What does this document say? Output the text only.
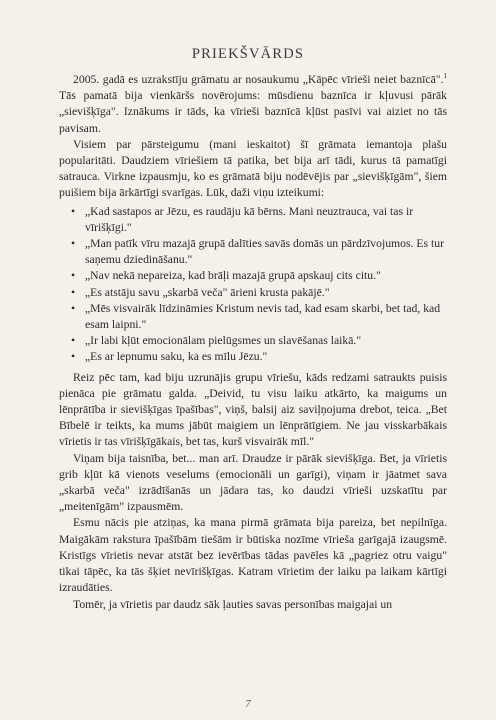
PRIEKŠVĀRDS

2005. gadā es uzrakstīju grāmatu ar nosaukumu „Kāpēc vīrieši neiet baznīcā".$^1$ Tās pamatā bija vienkāršs novērojums: mūsdienu baznīca ir kļuvusi pārāk „sievišķīga". Iznākums ir tāds, ka vīrieši baznīcā kļūst pasīvi vai aiziet no tās pavisam.

Visiem par pārsteigumu (mani ieskaitot) šī grāmata iemantoja plašu popularitāti. Daudziem vīriešiem tā patika, bet bija arī tādi, kurus tā pamatīgi satrauca. Virkne izpausmju, ko es grāmatā biju nodēvējis par „sievišķīgām", šiem puišiem bija ārkārtīgi svarīgas. Lūk, daži viņu izteikumi:

• „Kad sastapos ar Jēzu, es raudāju kā bērns. Mani neuztrauca, vai tas ir vīrišķīgi."
• „Man patīk vīru mazajā grupā dalīties savās domās un pārdzīvojumos. Es tur saņemu dziedināšanu."
• „Nav nekā nepareiza, kad brāļi mazajā grupā apskauj cits citu."
• „Es atstāju savu „skarbā veča" ārieni krusta pakājē."
• „Mēs visvairāk līdzināmies Kristum nevis tad, kad esam skarbi, bet tad, kad esam laipni."
• „Ir labi kļūt emocionālam pielūgsmes un slavēšanas laikā."
• „Es ar lepnumu saku, ka es mīlu Jēzu."

Reiz pēc tam, kad biju uzrunājis grupu vīriešu, kāds redzami satraukts puisis pienāca pie grāmatu galda. „Deivid, tu visu laiku atkārto, ka maigums un lēnprātība ir sievišķīgas īpašības", viņš, balsij aiz saviļņojuma drebot, teica. „Bet Bībelē ir teikts, ka mums jābūt maigiem un lēnprātīgiem. Ne jau visskarbākais vīrietis ir tas vīrišķīgākais, bet tas, kurš visvairāk mīl."

Viņam bija taisnība, bet... man arī. Draudze ir pārāk sievišķīga. Bet, ja vīrietis grib kļūt kā vienots veselums (emocionāli un garīgi), viņam ir jāatmet sava „skarbā veča" izrādīšanās un jādara tas, ko daudzi vīrieši uzskatītu par „meitenīgām" izpausmēm.

Esmu nācis pie atziņas, ka mana pirmā grāmata bija pareiza, bet nepilnīga. Maigākām rakstura īpašībām tiešām ir būtiska nozīme vīrieša garīgajā izaugsmē. Kristīgs vīrietis nevar atstāt bez ievērības tādas pavēles kā „pagriez otru vaigu" tikai tāpēc, ka tās šķiet nevīrišķīgas. Katram vīrietim der laiku pa laikam kārtīgi izraudāties.

Tomēr, ja vīrietis par daudz sāk ļauties savas personības maigajai un

7
